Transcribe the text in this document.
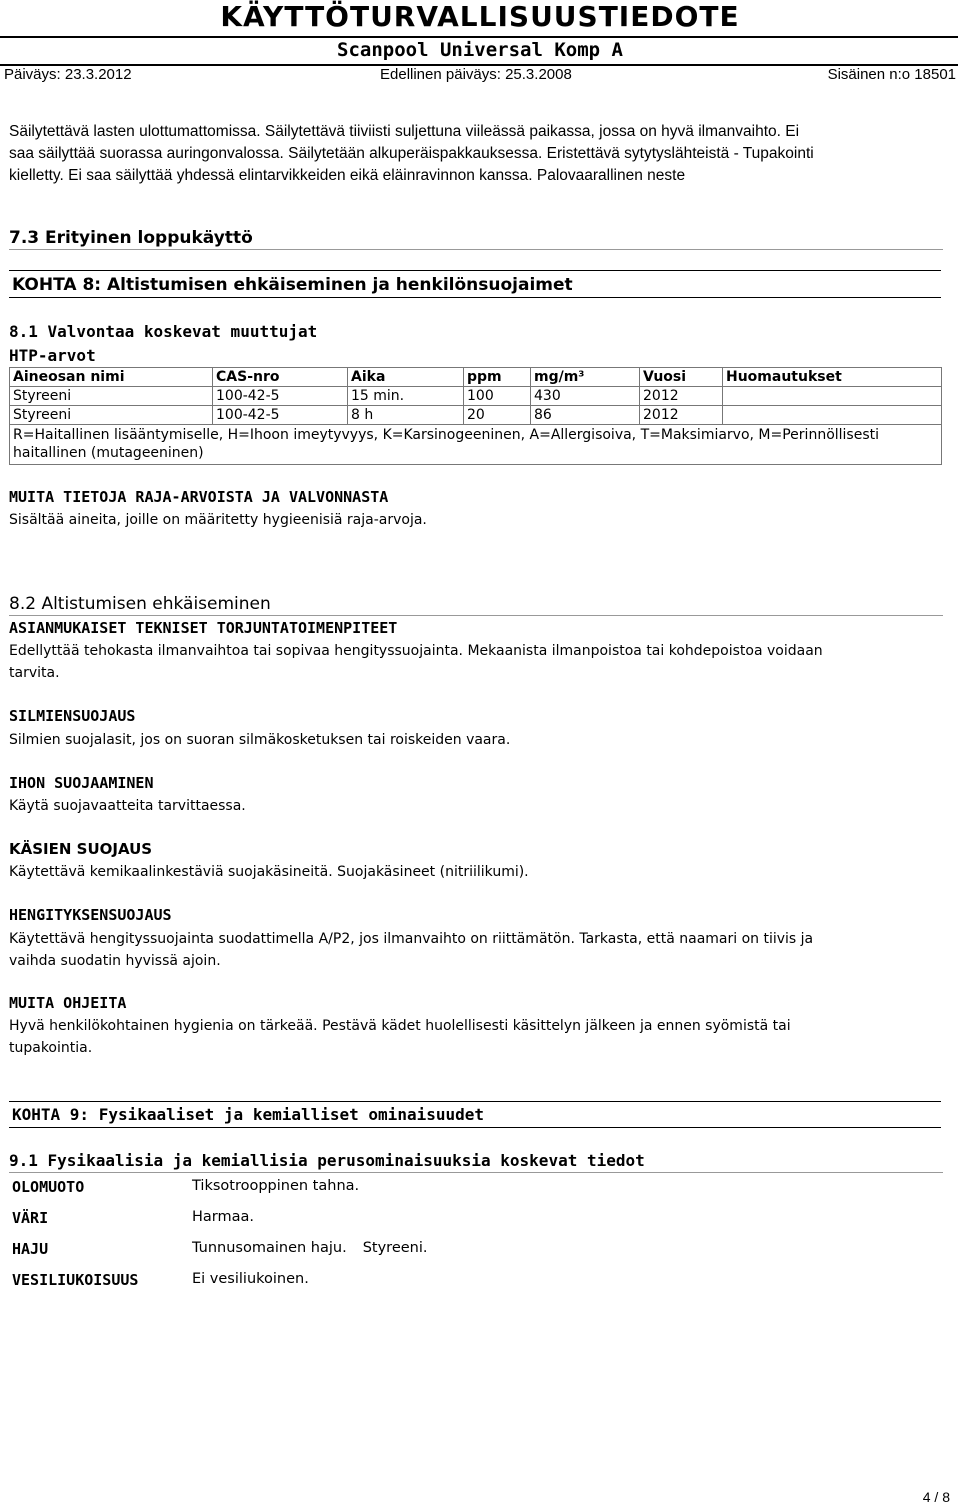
KÄYTTÖTURVALLISUUSTIEDOTE
Scanpool Universal Komp A
Päiväys: 23.3.2012	Edellinen päiväys: 25.3.2008	Sisäinen n:o 18501
Säilytettävä lasten ulottumattomissa. Säilytettävä tiiviisti suljettuna viileässä paikassa, jossa on hyvä ilmanvaihto. Ei
saa säilyttää suorassa auringonvalossa. Säilytetään alkuperäispakkauksessa. Eristettävä sytytyslähteistä - Tupakointi
kielletty. Ei saa säilyttää yhdessä elintarvikkeiden eikä eläinravinnon kanssa. Palovaarallinen neste
7.3 Erityinen loppukäyttö
KOHTA 8: Altistumisen ehkäiseminen ja henkilönsuojaimet
8.1 Valvontaa koskevat muuttujat
HTP-arvot
Aineosan nimi	CAS-nro	Aika	ppm	mg/m³	Vuosi	Huomautukset
Styreeni	100-42-5	15 min.	100	430	2012	
Styreeni	100-42-5	8 h	20	86	2012	
R=Haitallinen lisääntymiselle, H=Ihoon imeytyvyys, K=Karsinogeeninen, A=Allergisoiva, T=Maksimiarvo, M=Perinnöllisesti haitallinen (mutageeninen)						
MUITA TIETOJA RAJA-ARVOISTA JA VALVONNASTA
Sisältää aineita, joille on määritetty hygieenisiä raja-arvoja.
8.2 Altistumisen ehkäiseminen
ASIANMUKAISET TEKNISET TORJUNTATOIMENPITEET
Edellyttää tehokasta ilmanvaihtoa tai sopivaa hengityssuojainta. Mekaanista ilmanpoistoa tai kohdepoistoa voidaan
tarvita.
SILMIENSUOJAUS
Silmien suojalasit, jos on suoran silmäkosketuksen tai roiskeiden vaara.
IHON SUOJAAMINEN
Käytä suojavaatteita tarvittaessa.
KÄSIEN SUOJAUS
Käytettävä kemikaalinkestäviä suojakäsineitä. Suojakäsineet (nitriilikumi).
HENGITYKSENSUOJAUS
Käytettävä hengityssuojainta suodattimella A/P2, jos ilmanvaihto on riittämätön. Tarkasta, että naamari on tiivis ja
vaihda suodatin hyvissä ajoin.
MUITA OHJEITA
Hyvä henkilökohtainen hygienia on tärkeää. Pestävä kädet huolellisesti käsittelyn jälkeen ja ennen syömistä tai
tupakointia.
KOHTA 9: Fysikaaliset ja kemialliset ominaisuudet
9.1 Fysikaalisia ja kemiallisia perusominaisuuksia koskevat tiedot
OLOMUOTO	Tiksotrooppinen tahna.
VÄRI	Harmaa.
HAJU	Tunnusomainen haju. Styreeni.
VESILIUKOISUUS	Ei vesiliukoinen.
4 / 8
